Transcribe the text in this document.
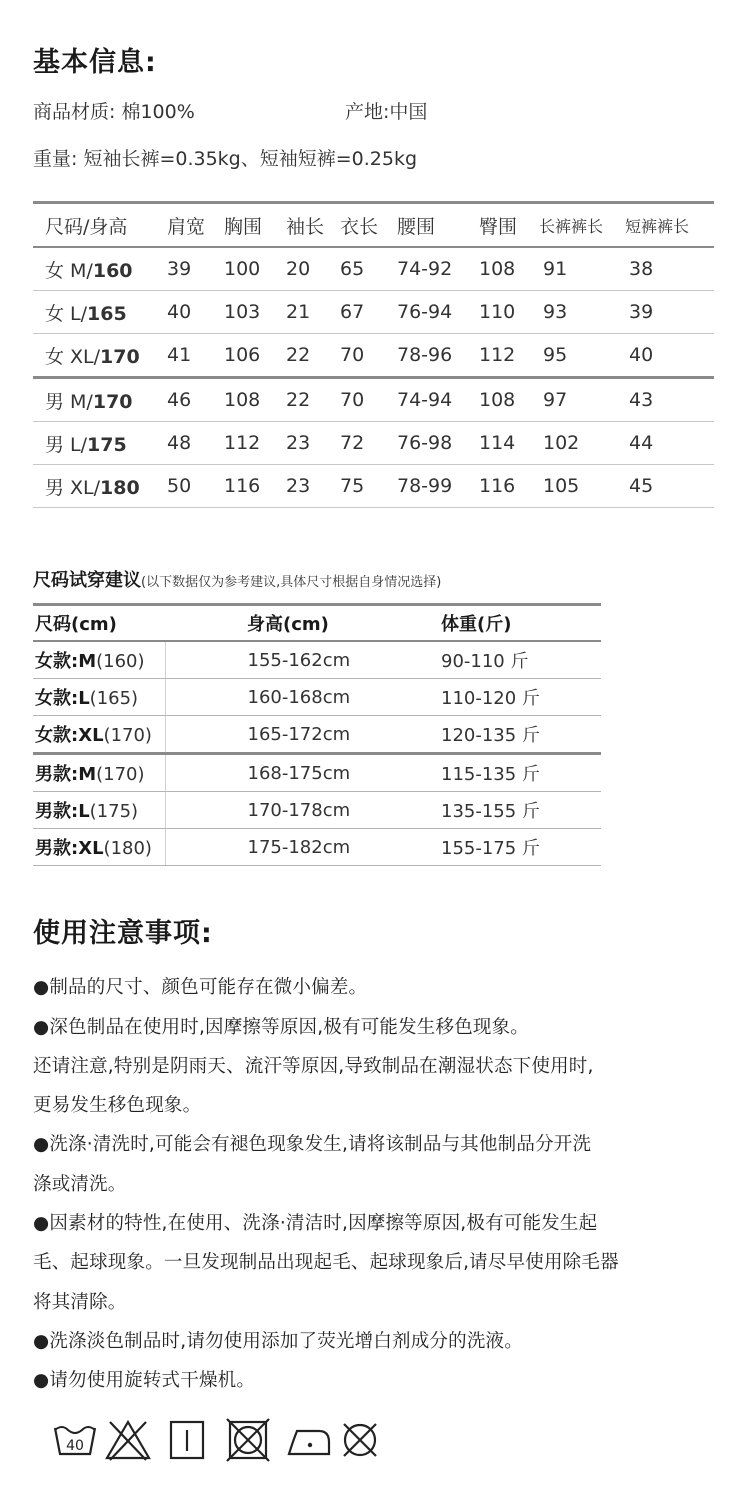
基本信息:
商品材质: 棉100%	产地:中国
重量: 短袖长裤=0.35kg、短袖短裤=0.25kg
尺码/身高	肩宽	胸围	袖长	衣长	腰围	臀围	长裤裤长	短裤裤长
女 M/160	39	100	20	65	74-92	108	91	38
女 L/165	40	103	21	67	76-94	110	93	39
女 XL/170	41	106	22	70	78-96	112	95	40
男 M/170	46	108	22	70	74-94	108	97	43
男 L/175	48	112	23	72	76-98	114	102	44
男 XL/180	50	116	23	75	78-99	116	105	45
尺码试穿建议(以下数据仅为参考建议,具体尺寸根据自身情况选择)
尺码(cm)	身高(cm)	体重(斤)
女款:M(160)	155-162cm	90-110 斤
女款:L(165)	160-168cm	110-120 斤
女款:XL(170)	165-172cm	120-135 斤
男款:M(170)	168-175cm	115-135 斤
男款:L(175)	170-178cm	135-155 斤
男款:XL(180)	175-182cm	155-175 斤
使用注意事项:
●制品的尺寸、颜色可能存在微小偏差。
●深色制品在使用时,因摩擦等原因,极有可能发生移色现象。
还请注意,特别是阴雨天、流汗等原因,导致制品在潮湿状态下使用时,
更易发生移色现象。
●洗涤·清洗时,可能会有褪色现象发生,请将该制品与其他制品分开洗
涤或清洗。
●因素材的特性,在使用、洗涤·清洁时,因摩擦等原因,极有可能发生起
毛、起球现象。一旦发现制品出现起毛、起球现象后,请尽早使用除毛器
将其清除。
●洗涤淡色制品时,请勿使用添加了荧光增白剂成分的洗液。
●请勿使用旋转式干燥机。
40
